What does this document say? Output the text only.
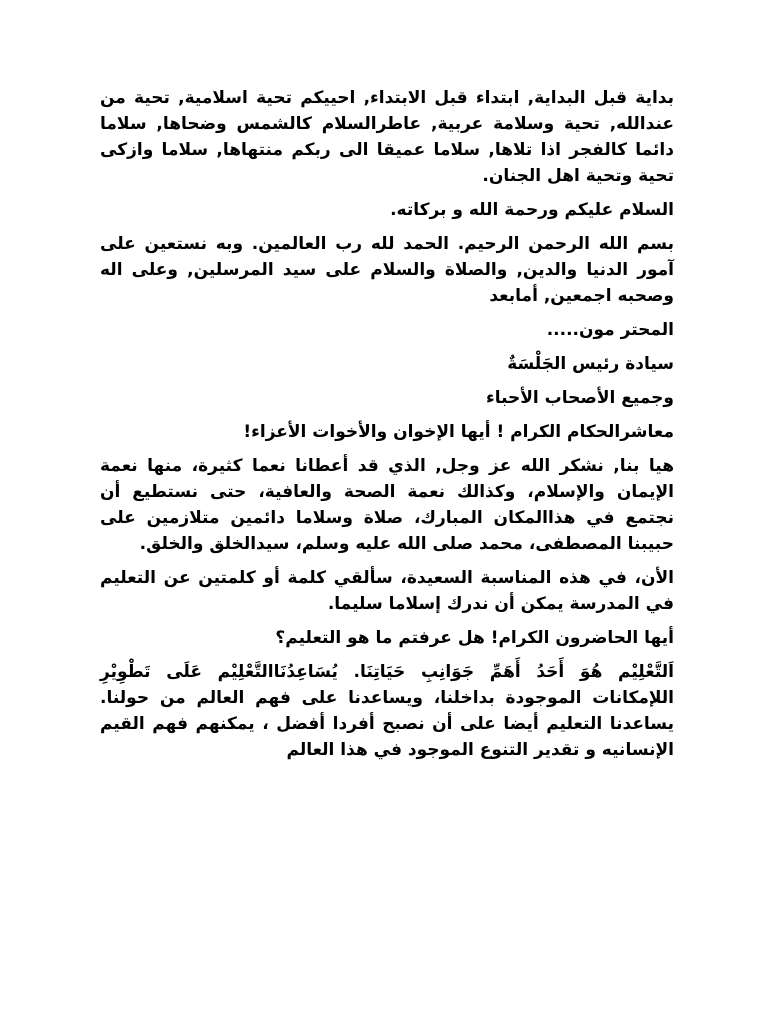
بداية قبل البداية, ابتداء قبل الابتداء, احييكم تحية اسلامية, تحية من عندالله, تحية وسلامة عربية, عاطرالسلام كالشمس وضحاها, سلاما دائما كالفجر اذا تلاها, سلاما عميقا الى ربكم منتهاها, سلاما وازكى تحية وتحية اهل الجنان.

السلام عليكم ورحمة الله و بركاته.

بسم الله الرحمن الرحيم. الحمد لله رب العالمين. وبه نستعين على آمور الدنيا والدين, والصلاة والسلام على سيد المرسلين, وعلى اله وصحبه اجمعين, أمابعد

المحتر مون.....

سيادة رئيس الجَلْسَةٌ

وجميع الأصحاب الأحباء

معاشرالحكام الكرام ! أيها الإخوان والأخوات الأعزاء!

هيا بنا, نشكر الله عز وجل, الذي قد أعطانا نعما كثيرة، منها نعمة الإيمان والإسلام، وكذالك نعمة الصحة والعافية، حتى نستطيع أن نجتمع في هذاالمكان المبارك، صلاة وسلاما دائمين متلازمين على حبيبنا المصطفى، محمد صلى الله عليه وسلم، سيدالخلق والخلق.

الأن، في هذه المناسبة السعيدة، سألقي كلمة أو كلمتين عن التعليم في المدرسة يمكن أن ندرك إسلاما سليما.

أيها الحاضرون الكرام! هل عرفتم ما هو التعليم؟

اَلتَّعْلِيْم هُوَ أَحَدُ أَهَمِّ جَوَانِبِ حَيَاتِنَا. يُسَاعِدُنَاالتَّعْلِيْم عَلَى تَطْوِيْرِ اللإمكانات الموجودة بداخلنا، ويساعدنا على فهم العالم من حولنا. يساعدنا التعليم أيضا على أن نصبح أفردا أفضل ، يمكنهم فهم القيم الإنسانيه و تقدير التنوع الموجود في هذا العالم
